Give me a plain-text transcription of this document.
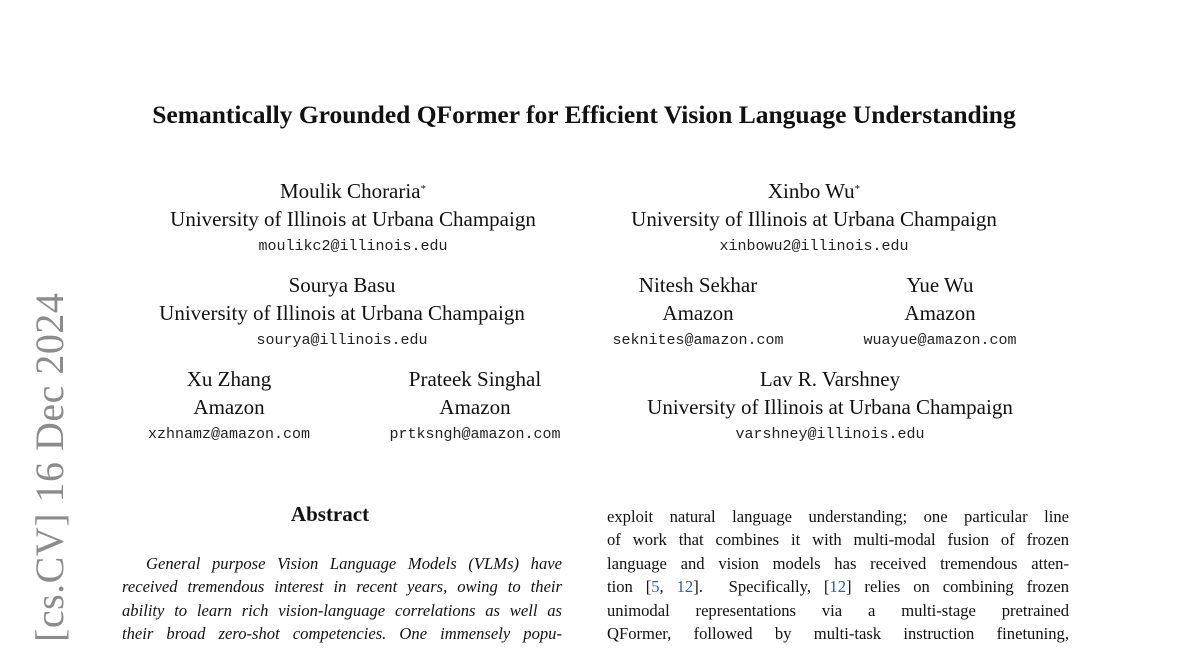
[cs.CV] 16 Dec 2024
Semantically Grounded QFormer for Efficient Vision Language Understanding
Moulik Choraria*
University of Illinois at Urbana Champaign
moulikc2@illinois.edu
Xinbo Wu*
University of Illinois at Urbana Champaign
xinbowu2@illinois.edu
Sourya Basu
University of Illinois at Urbana Champaign
sourya@illinois.edu
Nitesh Sekhar
Amazon
seknites@amazon.com
Yue Wu
Amazon
wuayue@amazon.com
Xu Zhang
Amazon
xzhnamz@amazon.com
Prateek Singhal
Amazon
prtksngh@amazon.com
Lav R. Varshney
University of Illinois at Urbana Champaign
varshney@illinois.edu
Abstract
General purpose Vision Language Models (VLMs) have
received tremendous interest in recent years, owing to their
ability to learn rich vision-language correlations as well as
their broad zero-shot competencies. One immensely popu-
exploit natural language understanding; one particular line
of work that combines it with multi-modal fusion of frozen
language and vision models has received tremendous atten-
tion [5, 12].  Specifically, [12] relies on combining frozen
unimodal representations via a multi-stage pretrained
QFormer, followed by multi-task instruction finetuning,
